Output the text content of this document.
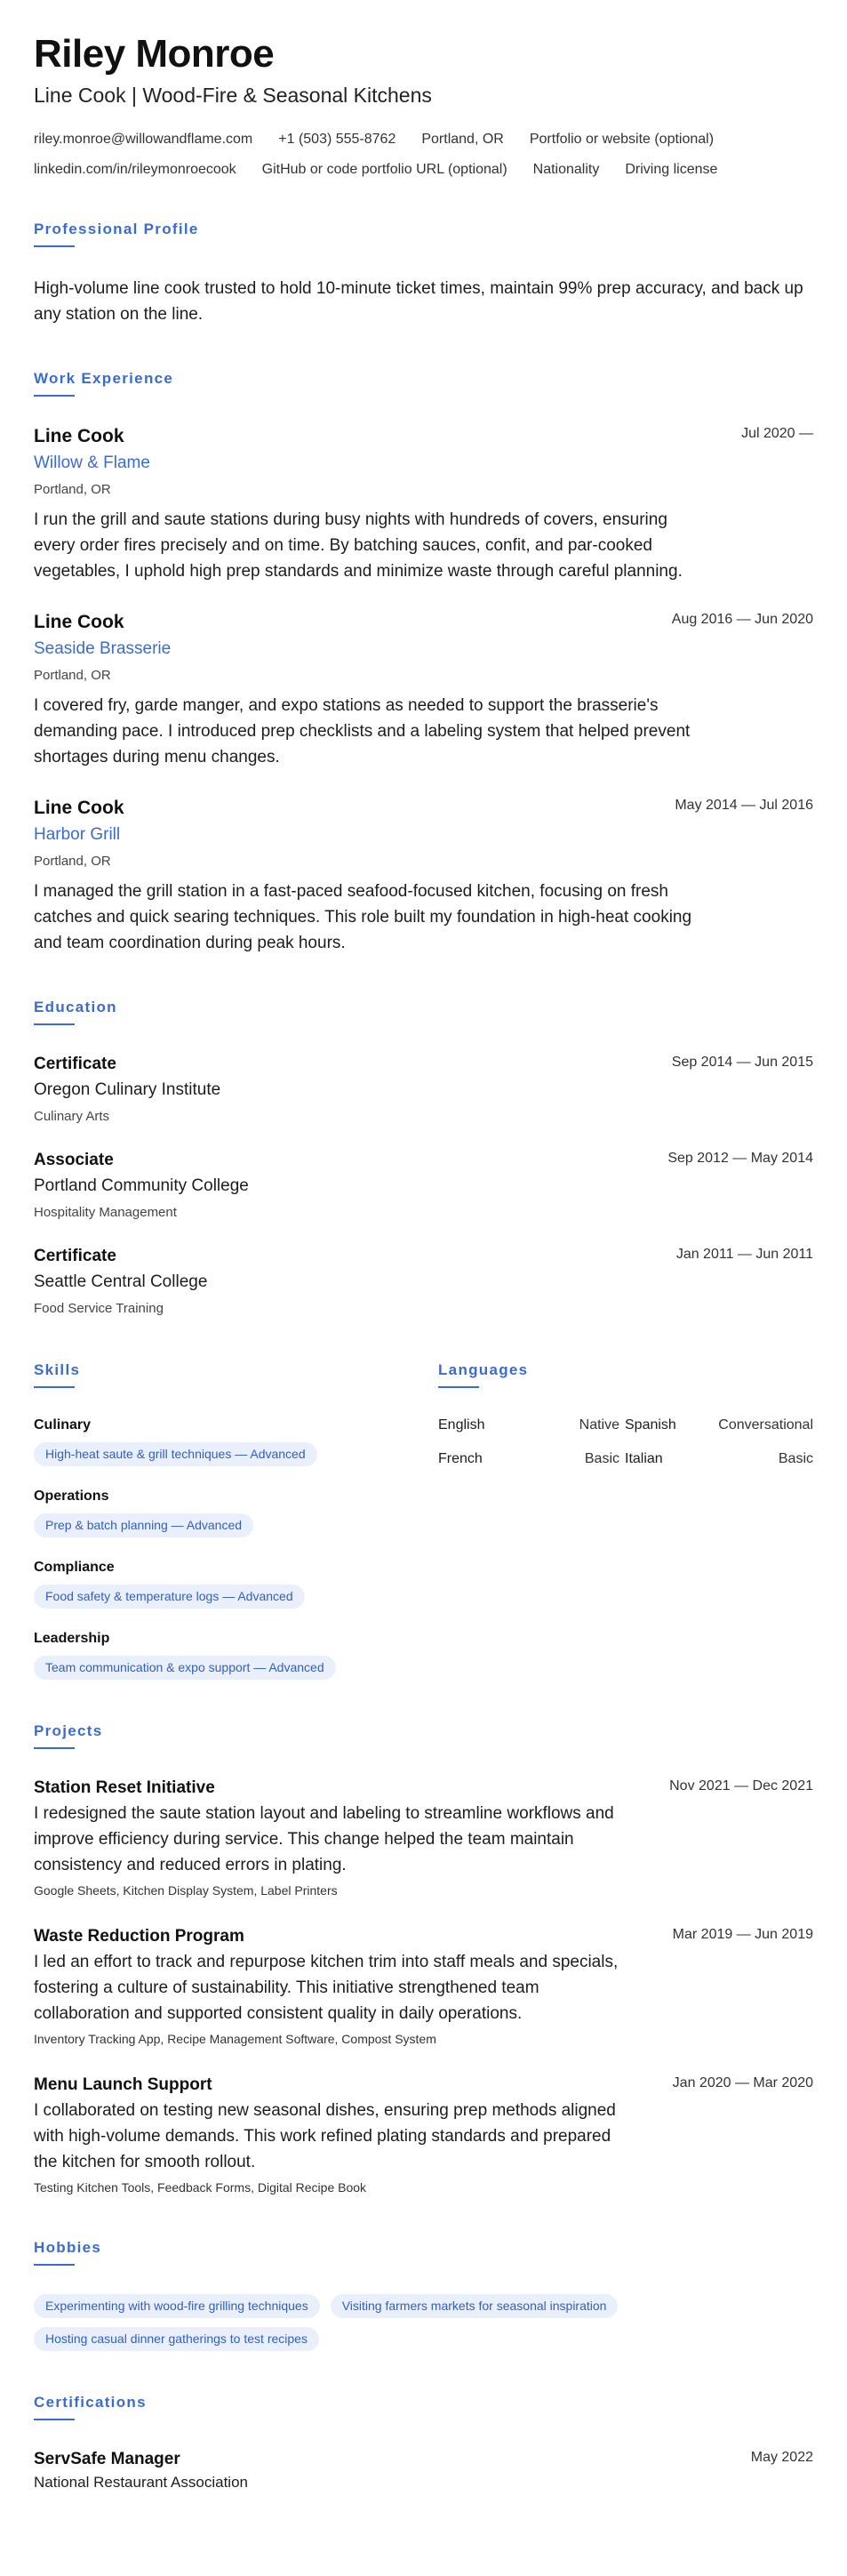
Riley Monroe
Line Cook | Wood-Fire & Seasonal Kitchens
riley.monroe@willowandflame.com +1 (503) 555-8762 Portland, OR Portfolio or website (optional)
linkedin.com/in/rileymonroecook GitHub or code portfolio URL (optional) Nationality Driving license
Professional Profile

High-volume line cook trusted to hold 10-minute ticket times, maintain 99% prep accuracy, and back up any station on the line.

Work Experience
Jul 2020 —
Line Cook
Willow & Flame
Portland, OR

I run the grill and saute stations during busy nights with hundreds of covers, ensuring every order fires precisely and on time. By batching sauces, confit, and par-cooked vegetables, I uphold high prep standards and minimize waste through careful planning.

Aug 2016 — Jun 2020
Line Cook
Seaside Brasserie
Portland, OR

I covered fry, garde manger, and expo stations as needed to support the brasserie's demanding pace. I introduced prep checklists and a labeling system that helped prevent shortages during menu changes.

May 2014 — Jul 2016
Line Cook
Harbor Grill
Portland, OR

I managed the grill station in a fast-paced seafood-focused kitchen, focusing on fresh catches and quick searing techniques. This role built my foundation in high-heat cooking and team coordination during peak hours.

Education
Sep 2014 — Jun 2015
Certificate
Oregon Culinary Institute
Culinary Arts
Sep 2012 — May 2014
Associate
Portland Community College
Hospitality Management
Jan 2011 — Jun 2011
Certificate
Seattle Central College
Food Service Training
Skills
Culinary
High-heat saute & grill techniques — Advanced
Operations
Prep & batch planning — Advanced
Compliance
Food safety & temperature logs — Advanced
Leadership
Team communication & expo support — Advanced
Languages
English	Native Spanish	Conversational
French	Basic Italian	Basic
Projects
Nov 2021 — Dec 2021
Station Reset Initiative

I redesigned the saute station layout and labeling to streamline workflows and improve efficiency during service. This change helped the team maintain consistency and reduced errors in plating.

Google Sheets, Kitchen Display System, Label Printers
Mar 2019 — Jun 2019
Waste Reduction Program

I led an effort to track and repurpose kitchen trim into staff meals and specials, fostering a culture of sustainability. This initiative strengthened team collaboration and supported consistent quality in daily operations.

Inventory Tracking App, Recipe Management Software, Compost System
Jan 2020 — Mar 2020
Menu Launch Support

I collaborated on testing new seasonal dishes, ensuring prep methods aligned with high-volume demands. This work refined plating standards and prepared the kitchen for smooth rollout.

Testing Kitchen Tools, Feedback Forms, Digital Recipe Book
Hobbies
Experimenting with wood-fire grilling techniques	Visiting farmers markets for seasonal inspiration
Hosting casual dinner gatherings to test recipes
Certifications
May 2022
ServSafe Manager
National Restaurant Association
